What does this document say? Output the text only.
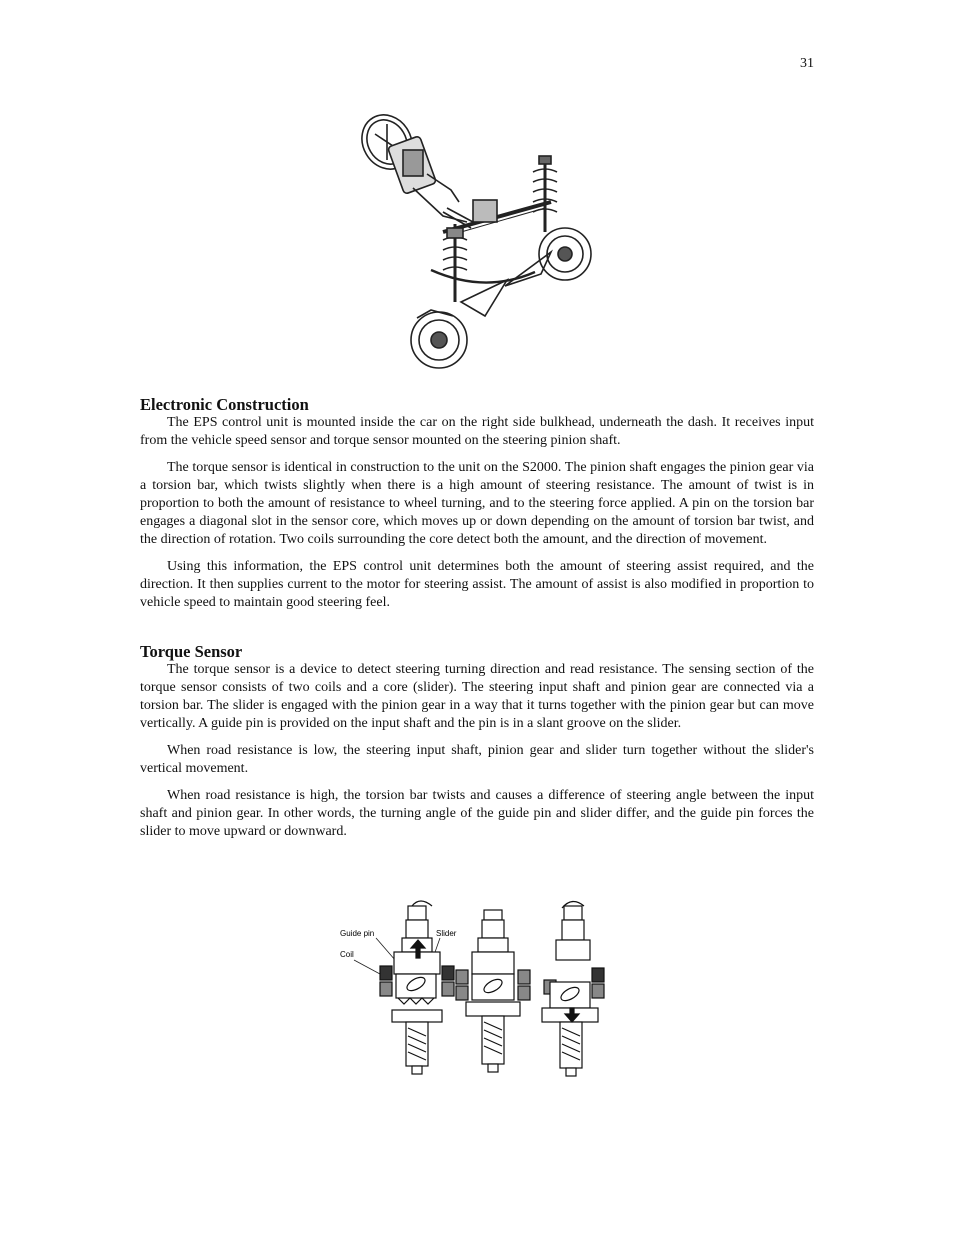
31
Electronic Construction

The EPS control unit is mounted inside the car on the right side bulkhead, underneath the dash. It receives input from the vehicle speed sensor and torque sensor mounted on the steering pinion shaft.

The torque sensor is identical in construction to the unit on the S2000. The pinion shaft engages the pinion gear via a torsion bar, which twists slightly when there is a high amount of steering resistance. The amount of twist is in proportion to both the amount of resistance to wheel turning, and to the steering force applied. A pin on the torsion bar engages a diagonal slot in the sensor core, which moves up or down depending on the amount of torsion bar twist, and the direction of rotation. Two coils surrounding the core detect both the amount, and the direction of movement.

Using this information, the EPS control unit determines both the amount of steering assist required, and the direction. It then supplies current to the motor for steering assist. The amount of assist is also modified in proportion to vehicle speed to maintain good steering feel.

Torque Sensor

The torque sensor is a device to detect steering turning direction and read resistance. The sensing section of the torque sensor consists of two coils and a core (slider). The steering input shaft and pinion gear are connected via a torsion bar. The slider is engaged with the pinion gear in a way that it turns together with the pinion gear but can move vertically. A guide pin is provided on the input shaft and the pin is in a slant groove on the slider.

When road resistance is low, the steering input shaft, pinion gear and slider turn together without the slider's vertical movement.

When road resistance is high, the torsion bar twists and causes a difference of steering angle between the input shaft and pinion gear. In other words, the turning angle of the guide pin and slider differ, and the guide pin forces the slider to move upward or downward.

Guide pin	Slider
Coil
